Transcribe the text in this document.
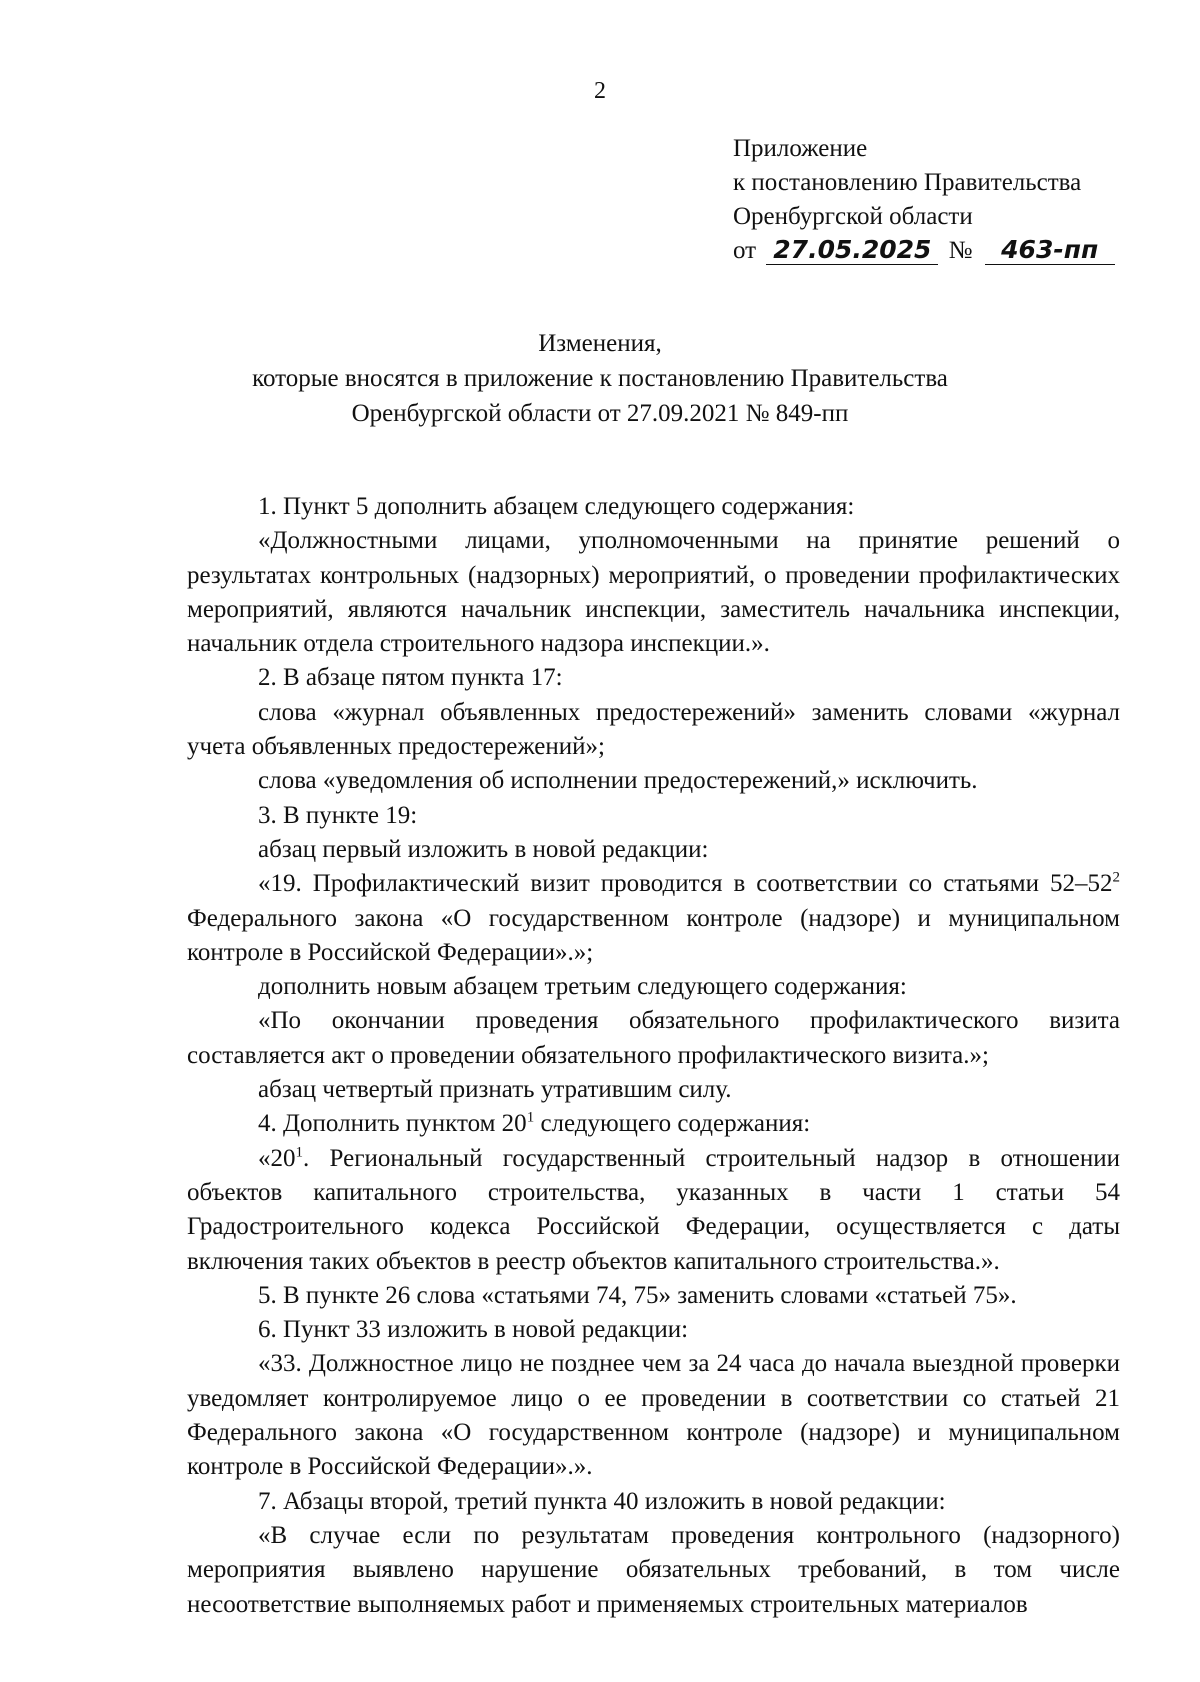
2
Приложение
к постановлению Правительства
Оренбургской области
от 27.05.2025 № 463-пп
Изменения,
которые вносятся в приложение к постановлению Правительства
Оренбургской области от 27.09.2021 № 849-пп

1. Пункт 5 дополнить абзацем следующего содержания:

«Должностными лицами, уполномоченными на принятие решений о результатах контрольных (надзорных) мероприятий, о проведении профилактических мероприятий, являются начальник инспекции, заместитель начальника инспекции, начальник отдела строительного надзора инспекции.».

2. В абзаце пятом пункта 17:

слова «журнал объявленных предостережений» заменить словами «журнал учета объявленных предостережений»;

слова «уведомления об исполнении предостережений,» исключить.

3. В пункте 19:

абзац первый изложить в новой редакции:

«19. Профилактический визит проводится в соответствии со статьями $52-52^2$ Федерального закона «О государственном контроле (надзоре) и муниципальном контроле в Российской Федерации».»;

дополнить новым абзацем третьим следующего содержания:

«По окончании проведения обязательного профилактического визита составляется акт о проведении обязательного профилактического визита.»;

абзац четвертый признать утратившим силу.

4. Дополнить пунктом $20^1$ следующего содержания:

«$20^1$. Региональный государственный строительный надзор в отношении объектов капитального строительства, указанных в части 1 статьи 54 Градостроительного кодекса Российской Федерации, осуществляется с даты включения таких объектов в реестр объектов капитального строительства.».

5. В пункте 26 слова «статьями 74, 75» заменить словами «статьей 75».

6. Пункт 33 изложить в новой редакции:

«33. Должностное лицо не позднее чем за 24 часа до начала выездной проверки уведомляет контролируемое лицо о ее проведении в соответствии со статьей 21 Федерального закона «О государственном контроле (надзоре) и муниципальном контроле в Российской Федерации».».

7. Абзацы второй, третий пункта 40 изложить в новой редакции:

«В случае если по результатам проведения контрольного (надзорного) мероприятия выявлено нарушение обязательных требований, в том числе несоответствие выполняемых работ и применяемых строительных материалов
